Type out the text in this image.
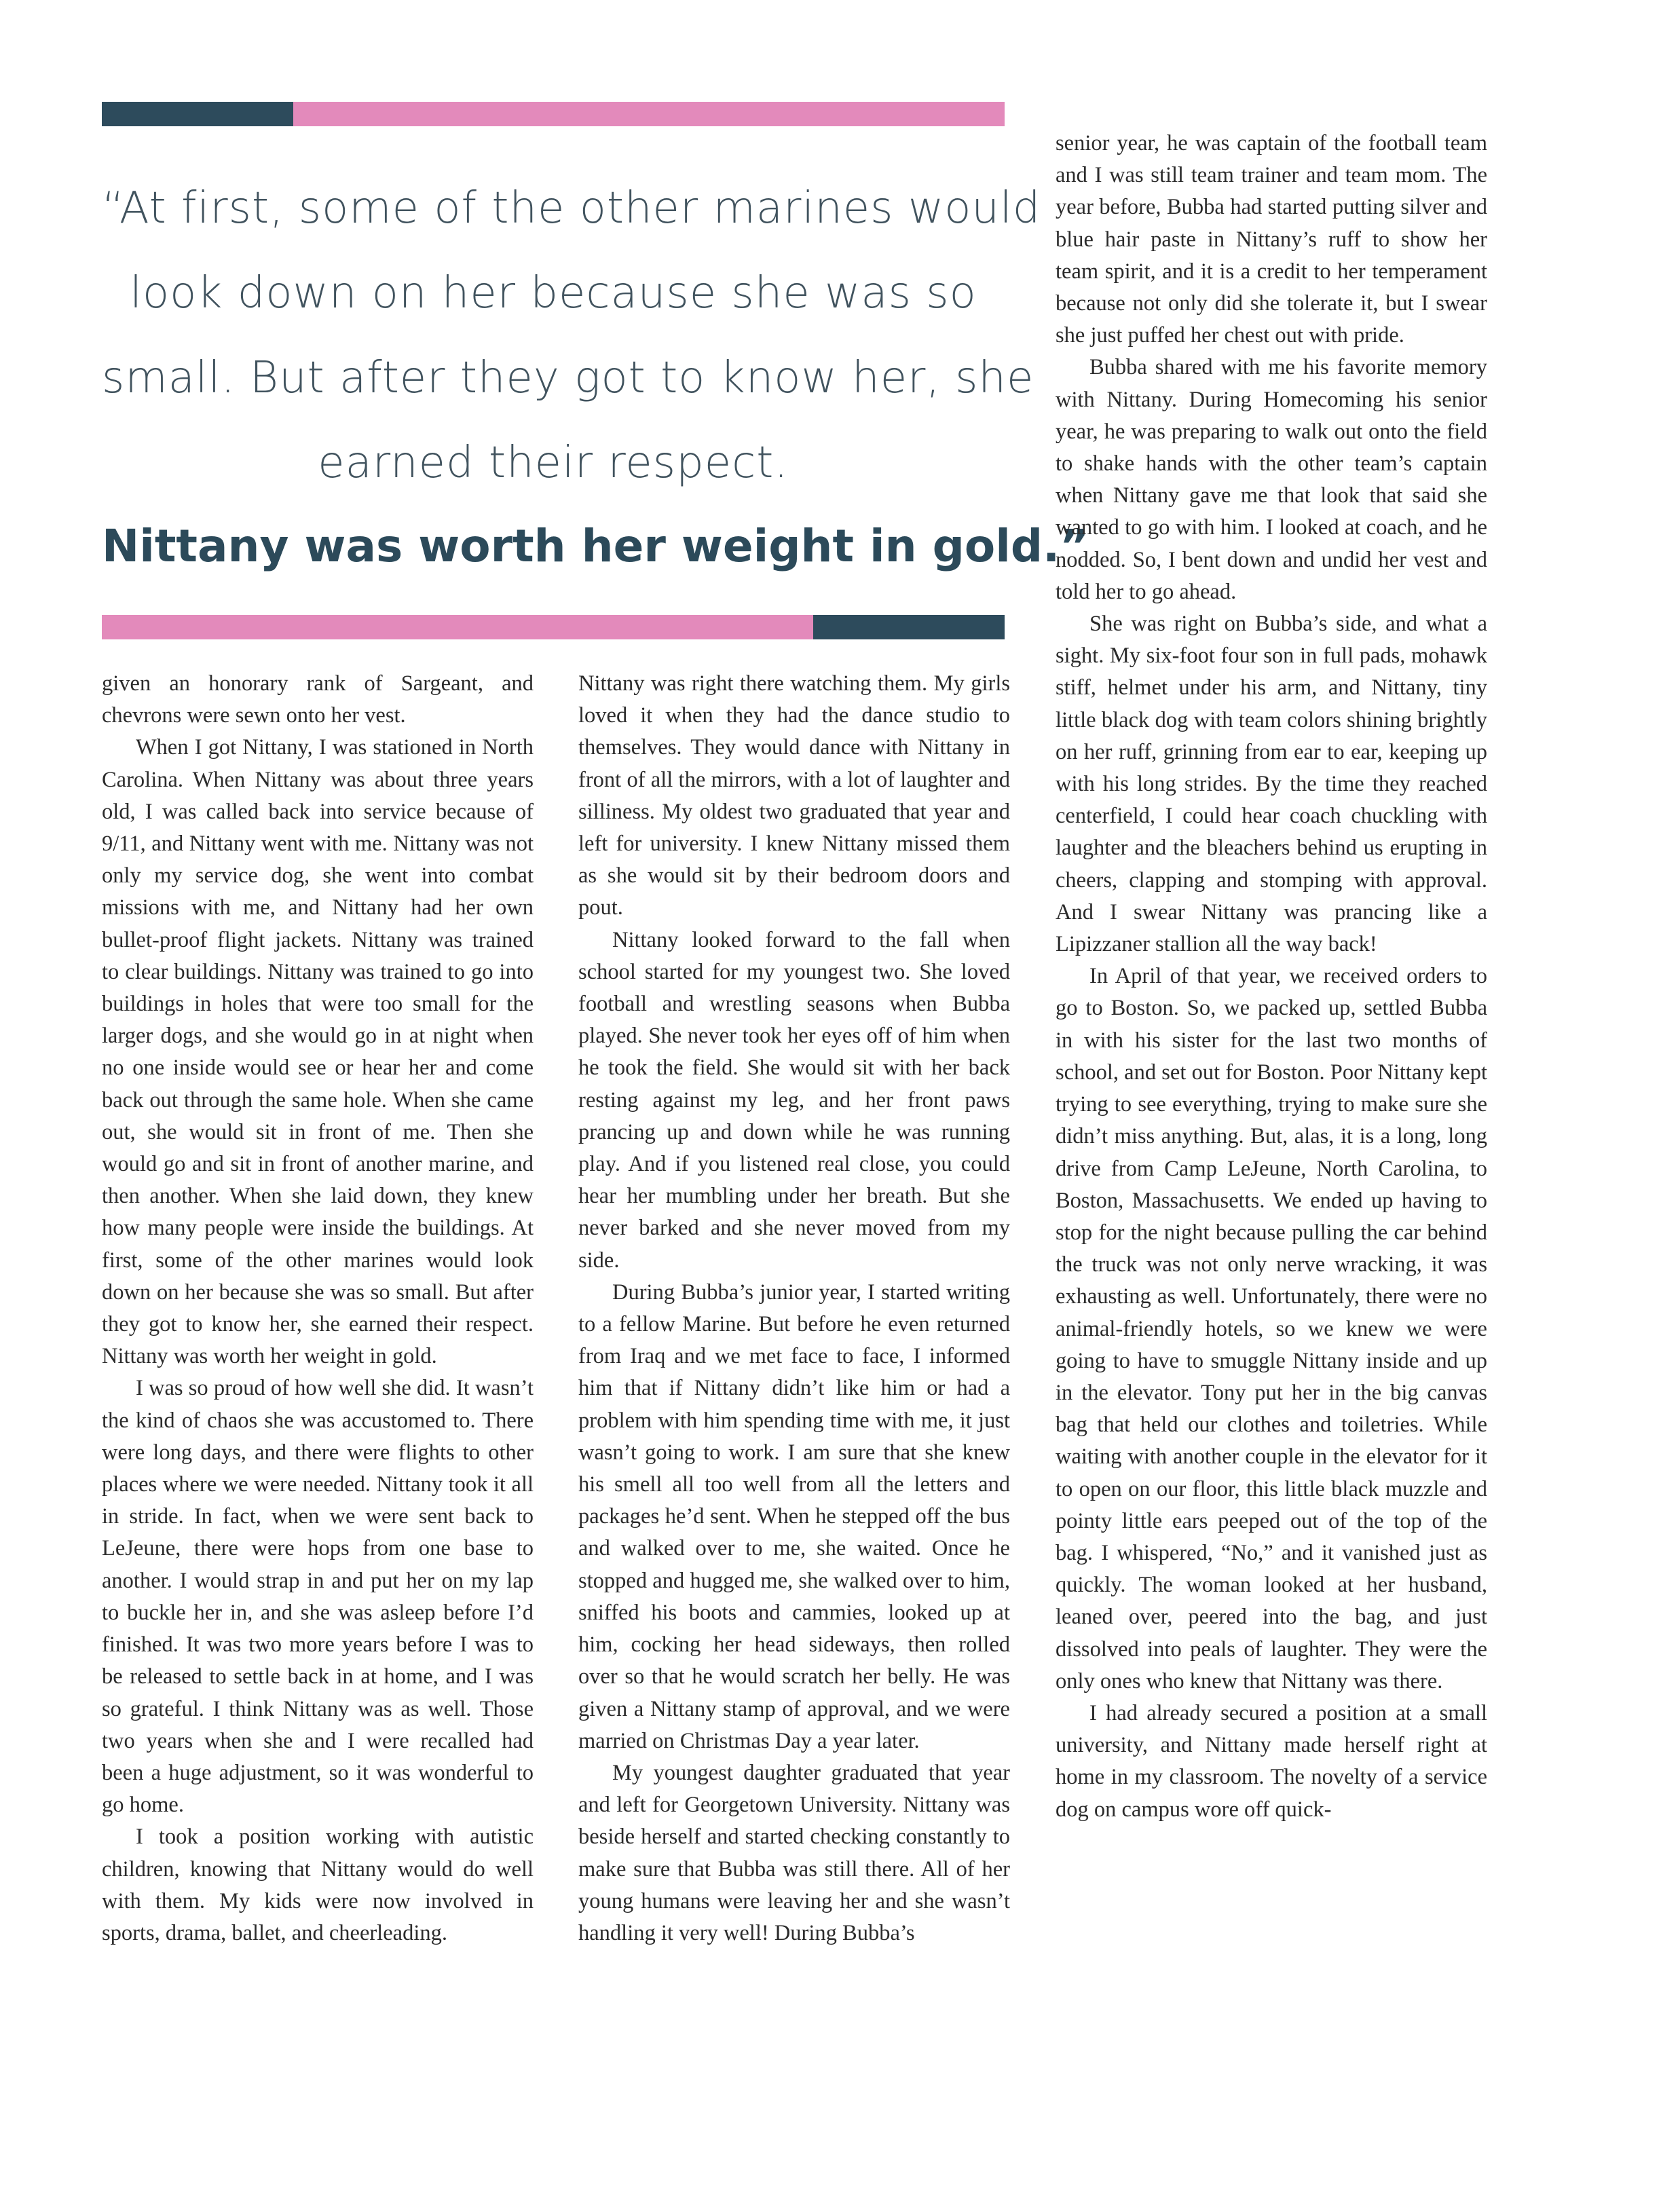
“At first, some of the other marines would
look down on her because she was so
small. But after they got to know her, she
earned their respect.
Nittany was worth her weight in gold.”

given an honorary rank of Sargeant, and chevrons were sewn onto her vest.

When I got Nittany, I was stationed in North Carolina. When Nittany was about three years old, I was called back into service because of 9/11, and Nittany went with me. Nittany was not only my service dog, she went into combat missions with me, and Nittany had her own bullet-proof flight jackets. Nittany was trained to clear buildings. Nittany was trained to go into buildings in holes that were too small for the larger dogs, and she would go in at night when no one inside would see or hear her and come back out through the same hole. When she came out, she would sit in front of me. Then she would go and sit in front of another marine, and then another. When she laid down, they knew how many people were inside the buildings. At first, some of the other marines would look down on her because she was so small. But after they got to know her, she earned their respect. Nittany was worth her weight in gold.

I was so proud of how well she did. It wasn’t the kind of chaos she was accustomed to. There were long days, and there were flights to other places where we were needed. Nittany took it all in stride. In fact, when we were sent back to LeJeune, there were hops from one base to another. I would strap in and put her on my lap to buckle her in, and she was asleep before I’d finished. It was two more years before I was to be released to settle back in at home, and I was so grateful. I think Nittany was as well. Those two years when she and I were recalled had been a huge adjustment, so it was wonderful to go home.

I took a position working with autistic children, knowing that Nittany would do well with them. My kids were now involved in sports, drama, ballet, and cheerleading.

Nittany was right there watching them. My girls loved it when they had the dance studio to themselves. They would dance with Nittany in front of all the mirrors, with a lot of laughter and silliness. My oldest two graduated that year and left for university. I knew Nittany missed them as she would sit by their bedroom doors and pout.

Nittany looked forward to the fall when school started for my youngest two. She loved football and wrestling seasons when Bubba played. She never took her eyes off of him when he took the field. She would sit with her back resting against my leg, and her front paws prancing up and down while he was running play. And if you listened real close, you could hear her mumbling under her breath. But she never barked and she never moved from my side.

During Bubba’s junior year, I started writing to a fellow Marine. But before he even returned from Iraq and we met face to face, I informed him that if Nittany didn’t like him or had a problem with him spending time with me, it just wasn’t going to work. I am sure that she knew his smell all too well from all the letters and packages he’d sent. When he stepped off the bus and walked over to me, she waited. Once he stopped and hugged me, she walked over to him, sniffed his boots and cammies, looked up at him, cocking her head sideways, then rolled over so that he would scratch her belly. He was given a Nittany stamp of approval, and we were married on Christmas Day a year later.

My youngest daughter graduated that year and left for Georgetown University. Nittany was beside herself and started checking constantly to make sure that Bubba was still there. All of her young humans were leaving her and she wasn’t handling it very well! During Bubba’s

senior year, he was captain of the football team and I was still team trainer and team mom. The year before, Bubba had started putting silver and blue hair paste in Nittany’s ruff to show her team spirit, and it is a credit to her temperament because not only did she tolerate it, but I swear she just puffed her chest out with pride.

Bubba shared with me his favorite memory with Nittany. During Homecoming his senior year, he was preparing to walk out onto the field to shake hands with the other team’s captain when Nittany gave me that look that said she wanted to go with him. I looked at coach, and he nodded. So, I bent down and undid her vest and told her to go ahead.

She was right on Bubba’s side, and what a sight. My six-foot four son in full pads, mohawk stiff, helmet under his arm, and Nittany, tiny little black dog with team colors shining brightly on her ruff, grinning from ear to ear, keeping up with his long strides. By the time they reached centerfield, I could hear coach chuckling with laughter and the bleachers behind us erupting in cheers, clapping and stomping with approval. And I swear Nittany was prancing like a Lipizzaner stallion all the way back!

In April of that year, we received orders to go to Boston. So, we packed up, settled Bubba in with his sister for the last two months of school, and set out for Boston. Poor Nittany kept trying to see everything, trying to make sure she didn’t miss anything. But, alas, it is a long, long drive from Camp LeJeune, North Carolina, to Boston, Massachusetts. We ended up having to stop for the night because pulling the car behind the truck was not only nerve wracking, it was exhausting as well. Unfortunately, there were no animal-friendly hotels, so we knew we were going to have to smuggle Nittany inside and up in the elevator. Tony put her in the big canvas bag that held our clothes and toiletries. While waiting with another couple in the elevator for it to open on our floor, this little black muzzle and pointy little ears peeped out of the top of the bag. I whispered, “No,” and it vanished just as quickly. The woman looked at her husband, leaned over, peered into the bag, and just dissolved into peals of laughter. They were the only ones who knew that Nittany was there.

I had already secured a position at a small university, and Nittany made herself right at home in my classroom. The novelty of a service dog on campus wore off quick-
